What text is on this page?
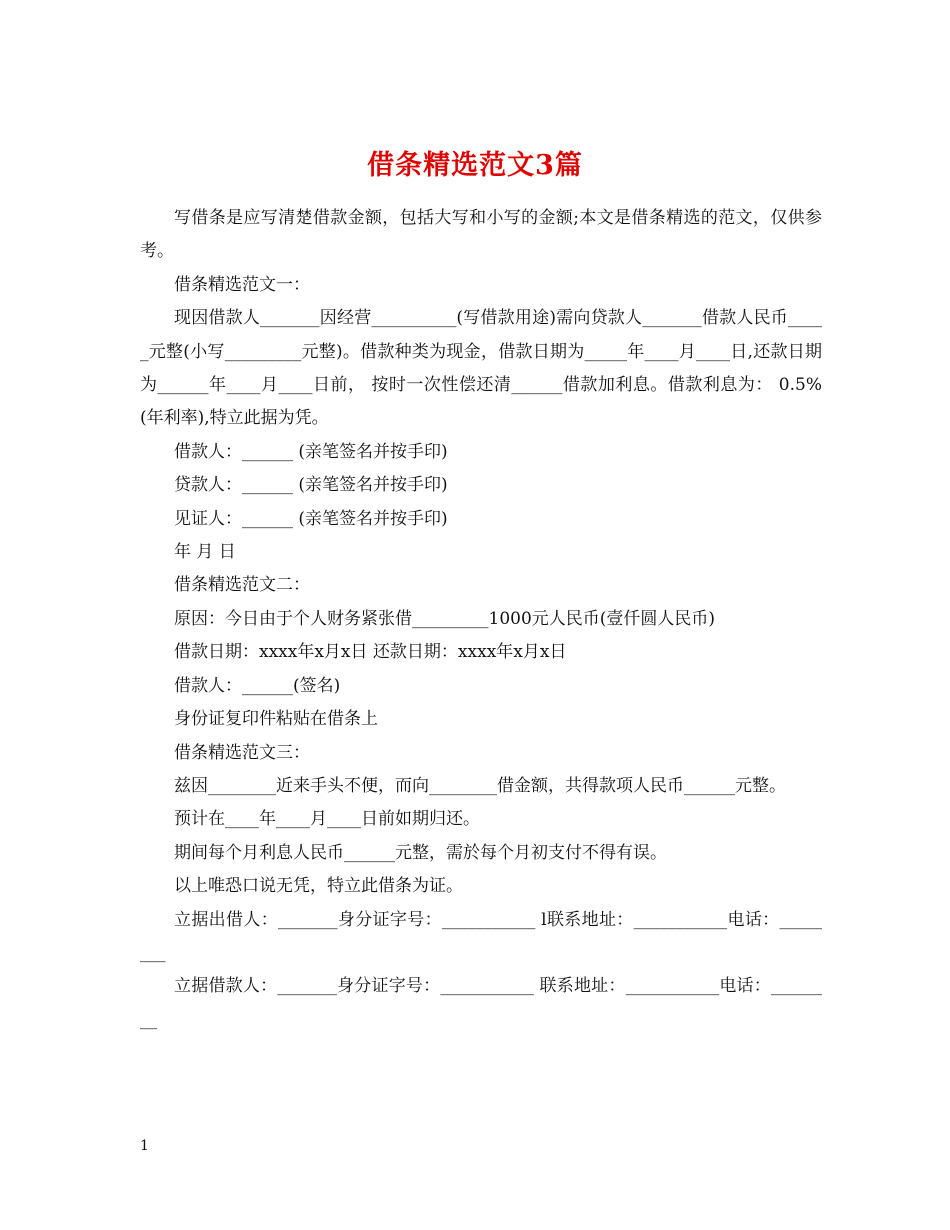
借条精选范文3篇

写借条是应写清楚借款金额，包括大写和小写的金额;本文是借条精选的范文，仅供参考。

借条精选范文一：

现因借款人_______因经营__________(写借款用途)需向贷款人_______借款人民币_____元整(小写_________元整)。借款种类为现金，借款日期为_____年____月____日,还款日期为______年____月____日前， 按时一次性偿还清______借款加利息。借款利息为： 0.5%(年利率),特立此据为凭。

借款人：______ (亲笔签名并按手印)

贷款人：______ (亲笔签名并按手印)

见证人：______ (亲笔签名并按手印)

年 月 日

借条精选范文二：

原因：今日由于个人财务紧张借_________1000元人民币(壹仟圆人民币)

借款日期：xxxx年x月x日 还款日期：xxxx年x月x日

借款人：______(签名)

身份证复印件粘贴在借条上

借条精选范文三：

兹因________近来手头不便，而向________借金额，共得款项人民币______元整。

预计在____年____月____日前如期归还。

期间每个月利息人民币______元整，需於每个月初支付不得有误。

以上唯恐口说无凭，特立此借条为证。

立据出借人：_______身分证字号：___________ l联系地址：___________电话：________

立据借款人：_______身分证字号：___________ 联系地址：___________电话：________

1
